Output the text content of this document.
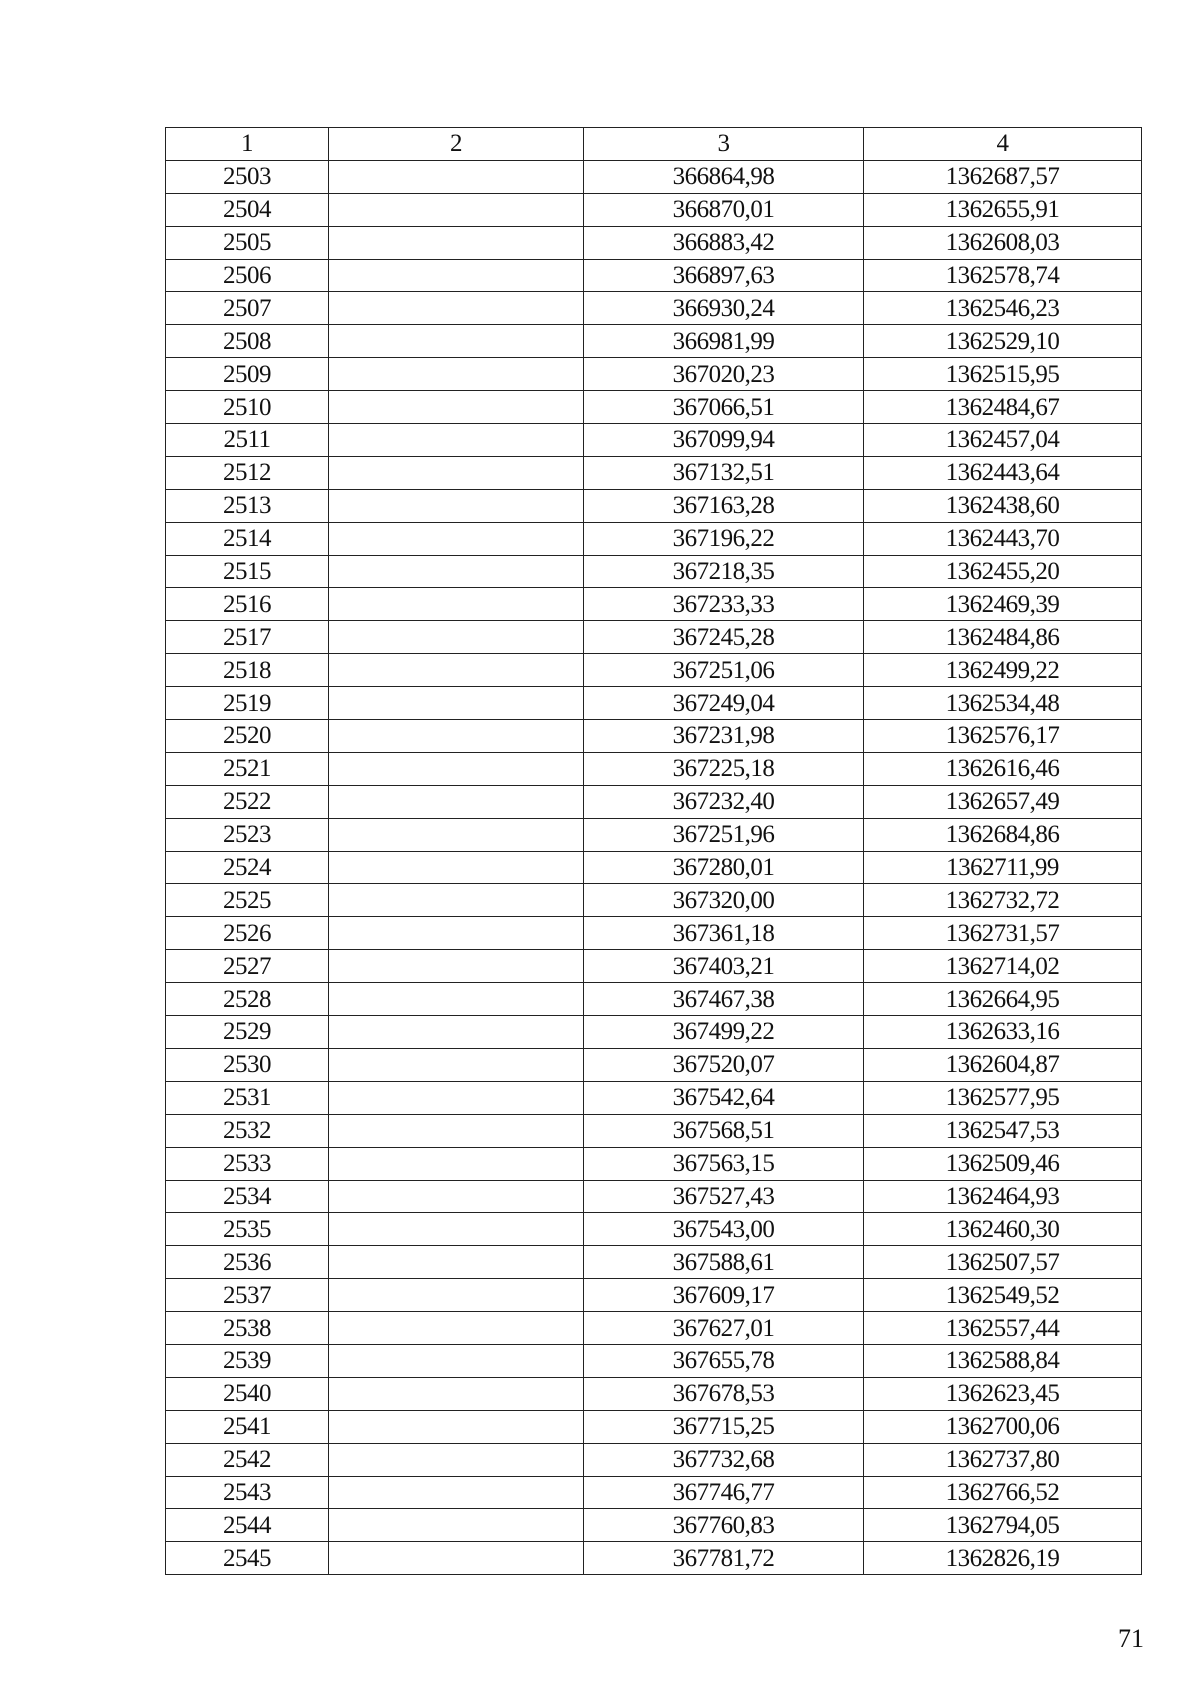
1	2	3	4
2503		366864,98	1362687,57
2504		366870,01	1362655,91
2505		366883,42	1362608,03
2506		366897,63	1362578,74
2507		366930,24	1362546,23
2508		366981,99	1362529,10
2509		367020,23	1362515,95
2510		367066,51	1362484,67
2511		367099,94	1362457,04
2512		367132,51	1362443,64
2513		367163,28	1362438,60
2514		367196,22	1362443,70
2515		367218,35	1362455,20
2516		367233,33	1362469,39
2517		367245,28	1362484,86
2518		367251,06	1362499,22
2519		367249,04	1362534,48
2520		367231,98	1362576,17
2521		367225,18	1362616,46
2522		367232,40	1362657,49
2523		367251,96	1362684,86
2524		367280,01	1362711,99
2525		367320,00	1362732,72
2526		367361,18	1362731,57
2527		367403,21	1362714,02
2528		367467,38	1362664,95
2529		367499,22	1362633,16
2530		367520,07	1362604,87
2531		367542,64	1362577,95
2532		367568,51	1362547,53
2533		367563,15	1362509,46
2534		367527,43	1362464,93
2535		367543,00	1362460,30
2536		367588,61	1362507,57
2537		367609,17	1362549,52
2538		367627,01	1362557,44
2539		367655,78	1362588,84
2540		367678,53	1362623,45
2541		367715,25	1362700,06
2542		367732,68	1362737,80
2543		367746,77	1362766,52
2544		367760,83	1362794,05
2545		367781,72	1362826,19
71
